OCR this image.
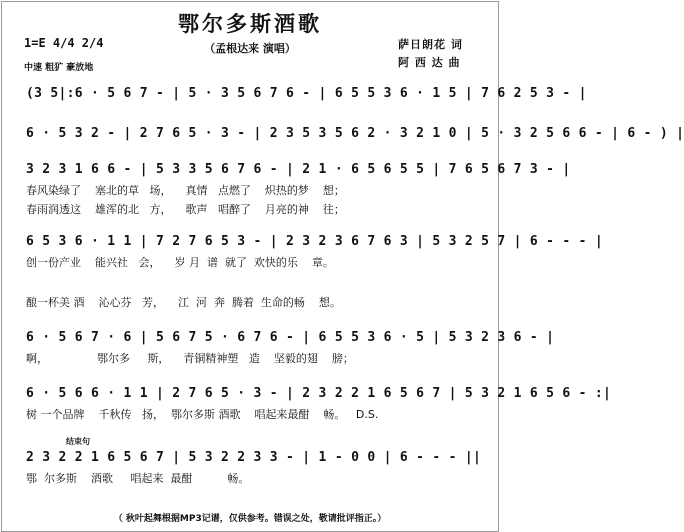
鄂尔多斯酒歌
（孟根达来 演唱）	萨日朗花 词
阿 西 达 曲
1=E 4/4 2/4
中速 粗犷 豪放地
(3 5|:6 · 5 6 7 - | 5 · 3 5 6 7 6 - | 6 5 5 3 6 · 1 5 | 7 6 2 5 3 - |
6 · 5 3 2 - | 2 7 6 5 · 3 - | 2 3 5 3 5 6 2 · 3 2 1 0 | 5 · 3 2 5 6 6 - | 6 - ) |
3 2 3 1 6 6 - | 5 3 3 5 6 7 6 - | 2 1 · 6 5 6 5 5 | 7 6 5 6 7 3 - |
春风染绿了    塞北的草   场，    真情   点燃了    炽热的梦    想；
春雨润透这    雄浑的北   方，    歌声   唱醉了    月亮的神    往；
6 5 3 6 · 1 1 | 7 2 7 6 5 3 - | 2 3 2 3 6 7 6 3 | 5 3 2 5 7 | 6 - - - |
创一份产业    能兴社   会，    岁 月  谱  就了  欢快的乐    章。
酿一杯美 酒    沁心芬   芳，    江  河  奔  腾着  生命的畅    想。
6 · 5 6 7 · 6 | 5 6 7 5 · 6 7 6 - | 6 5 5 3 6 · 5 | 5 3 2 3 6 - |
啊，              鄂尔多     斯，    青铜精神塑   造    坚毅的翅    膀；
6 · 5 6 6 · 1 1 | 2 7 6 5 · 3 - | 2 3 2 2 1 6 5 6 7 | 5 3 2 1 6 5 6 - :|
树 一个品牌    千秋传   扬，  鄂尔多斯 酒歌    唱起来最酣    畅。   D.S.
结束句
2 3 2 2 1 6 5 6 7 | 5 3 2 2 3 3 - | 1 - 0 0 | 6 - - - ||
鄂  尔多斯    酒歌     唱起来  最酣          畅。
（ 秋叶起舞根据MP3记谱，仅供参考。错误之处，敬请批评指正。）
